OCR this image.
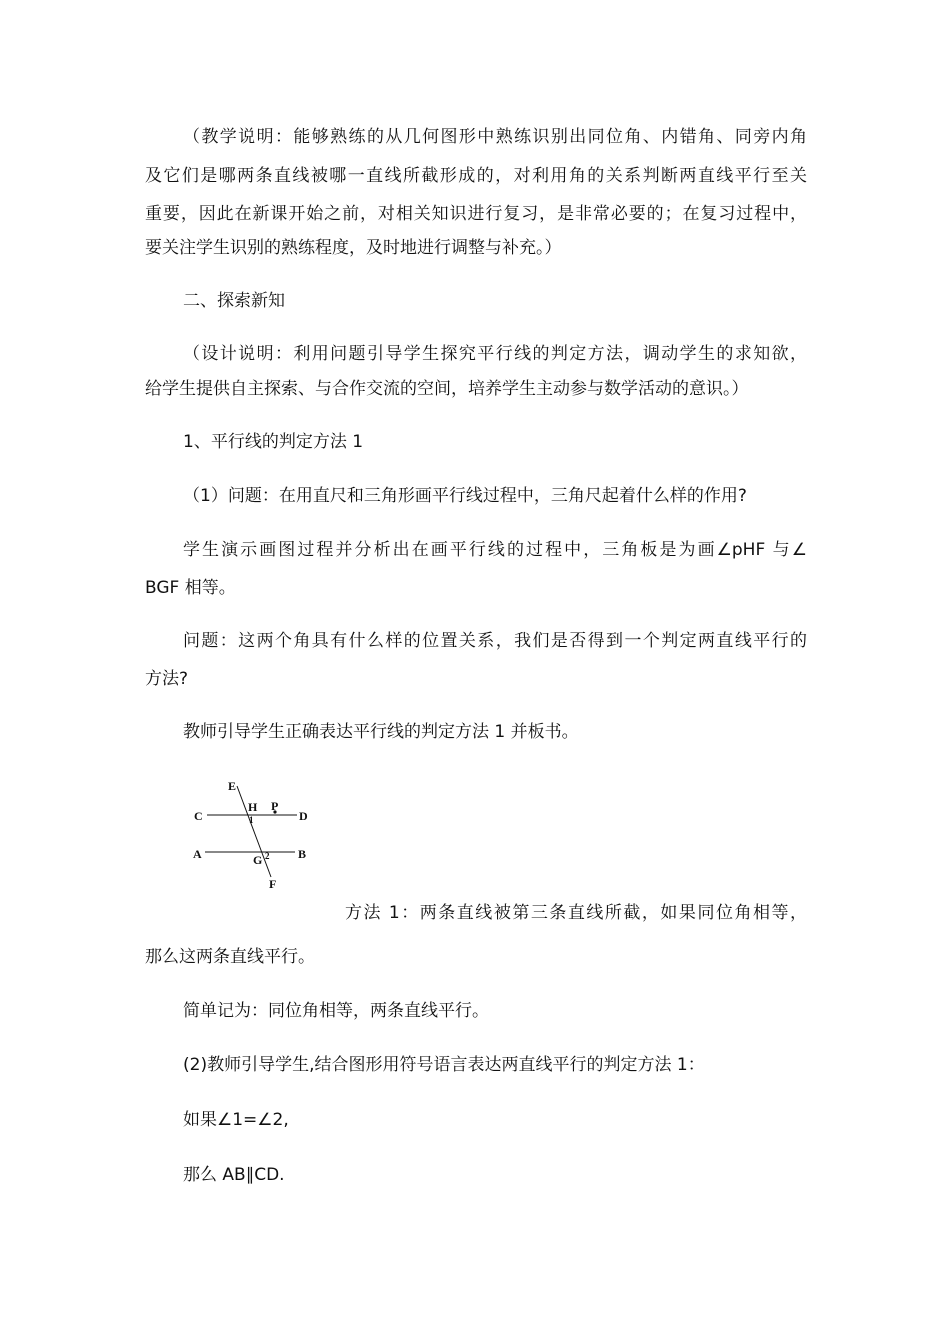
（教学说明：能够熟练的从几何图形中熟练识别出同位角、内错角、同旁内角
及它们是哪两条直线被哪一直线所截形成的，对利用角的关系判断两直线平行至关
重要，因此在新课开始之前，对相关知识进行复习，是非常必要的；在复习过程中，
要关注学生识别的熟练程度，及时地进行调整与补充。）
二、探索新知
（设计说明：利用问题引导学生探究平行线的判定方法，调动学生的求知欲，
给学生提供自主探索、与合作交流的空间，培养学生主动参与数学活动的意识。）
1、平行线的判定方法 1
（1）问题：在用直尺和三角形画平行线过程中，三角尺起着什么样的作用?
学生演示画图过程并分析出在画平行线的过程中，三角板是为画∠pHF 与∠
BGF 相等。
问题：这两个角具有什么样的位置关系，我们是否得到一个判定两直线平行的
方法?
教师引导学生正确表达平行线的判定方法 1 并板书。
E
H P
C	D
1
A	G 2 B
F
方法 1：两条直线被第三条直线所截，如果同位角相等，
那么这两条直线平行。
简单记为：同位角相等，两条直线平行。
(2)教师引导学生,结合图形用符号语言表达两直线平行的判定方法 1：
如果∠1=∠2,
那么 AB∥CD.
